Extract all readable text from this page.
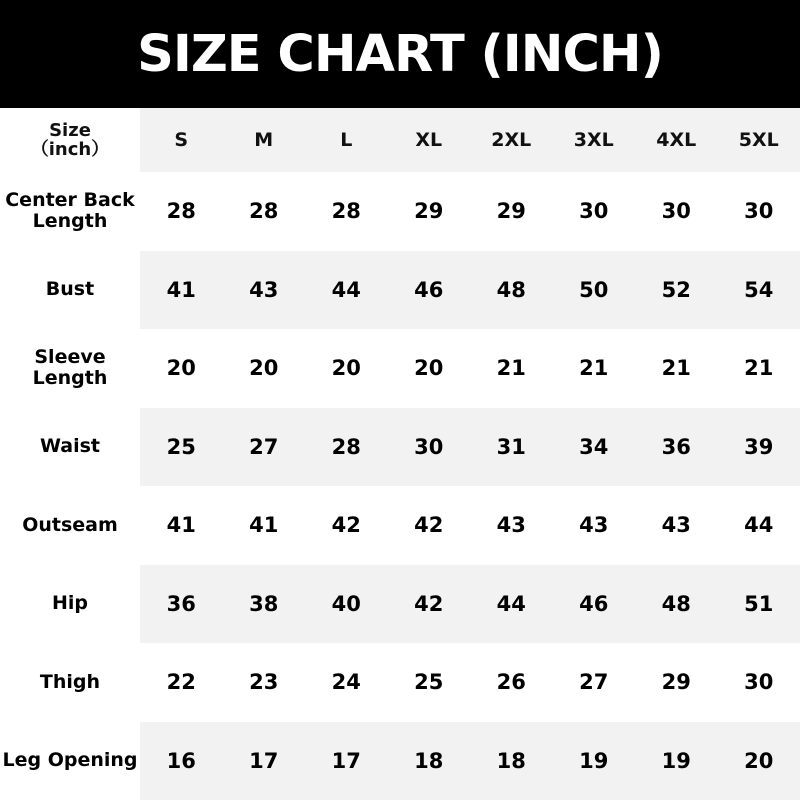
SIZE CHART (INCH)
Size
（inch）	S	M	L	XL	2XL	3XL	4XL	5XL
Center Back Length	28	28	28	29	29	30	30	30
Bust	41	43	44	46	48	50	52	54
Sleeve Length	20	20	20	20	21	21	21	21
Waist	25	27	28	30	31	34	36	39
Outseam	41	41	42	42	43	43	43	44
Hip	36	38	40	42	44	46	48	51
Thigh	22	23	24	25	26	27	29	30
Leg Opening	16	17	17	18	18	19	19	20
